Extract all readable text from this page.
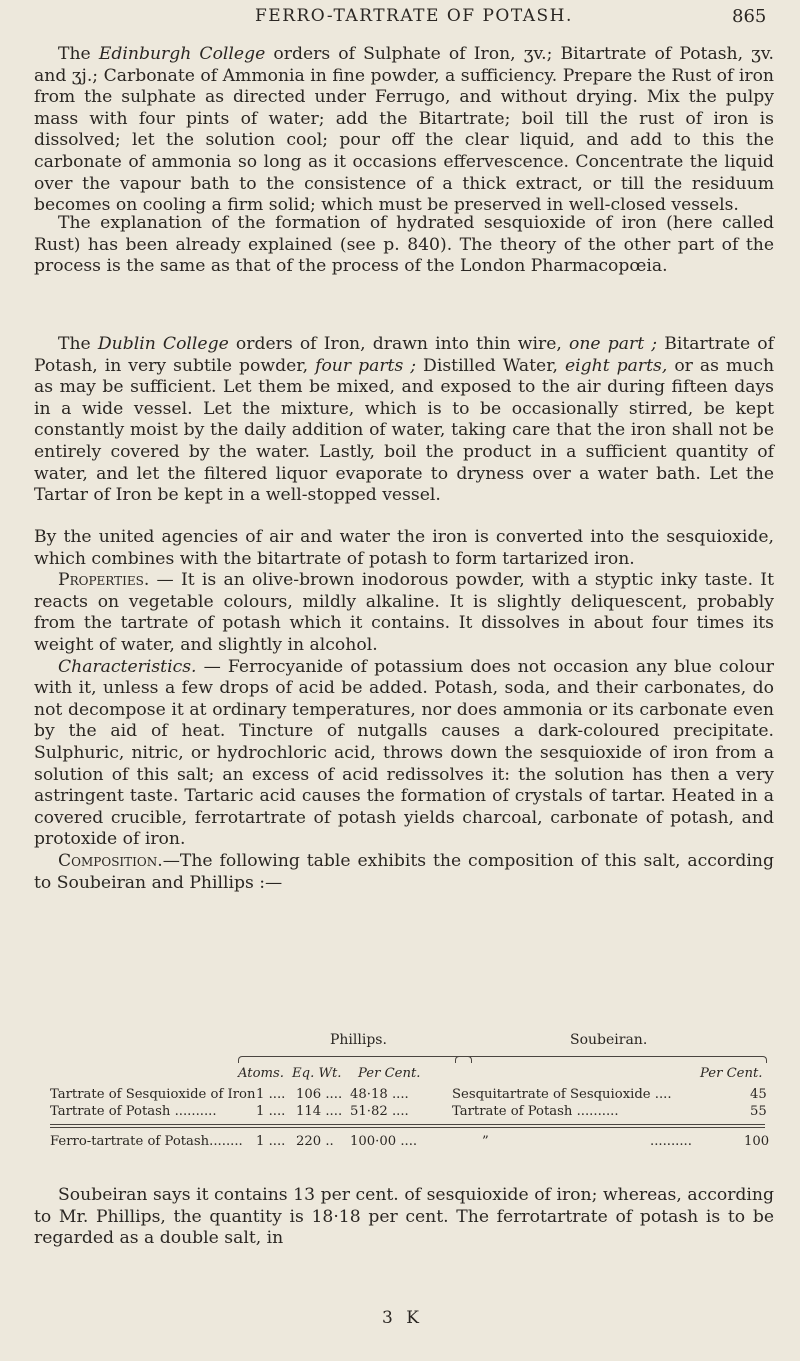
FERRO-TARTRATE OF POTASH.	865

The Edinburgh College orders of Sulphate of Iron, ʒv.; Bitartrate of Potash, ʒv. and ʒj.; Carbonate of Ammonia in fine powder, a sufficiency. Prepare the Rust of iron from the sulphate as directed under Ferrugo, and without drying. Mix the pulpy mass with four pints of water; add the Bitartrate; boil till the rust of iron is dissolved; let the solution cool; pour off the clear liquid, and add to this the carbonate of ammonia so long as it occasions effervescence. Concentrate the liquid over the vapour bath to the consistence of a thick extract, or till the residuum becomes on cooling a firm solid; which must be preserved in well-closed vessels.

The explanation of the formation of hydrated sesquioxide of iron (here called Rust) has been already explained (see p. 840). The theory of the other part of the process is the same as that of the process of the London Pharmacopœia.

The Dublin College orders of Iron, drawn into thin wire, one part ; Bitartrate of Potash, in very subtile powder, four parts ; Distilled Water, eight parts, or as much as may be sufficient. Let them be mixed, and exposed to the air during fifteen days in a wide vessel. Let the mixture, which is to be occasionally stirred, be kept constantly moist by the daily addition of water, taking care that the iron shall not be entirely covered by the water. Lastly, boil the product in a sufficient quantity of water, and let the filtered liquor evaporate to dryness over a water bath. Let the Tartar of Iron be kept in a well-stopped vessel.

By the united agencies of air and water the iron is converted into the sesquioxide, which combines with the bitartrate of potash to form tartarized iron.
Properties. — It is an olive-brown inodorous powder, with a styptic inky taste. It reacts on vegetable colours, mildly alkaline. It is slightly deliquescent, probably from the tartrate of potash which it contains. It dissolves in about four times its weight of water, and slightly in alcohol.
Characteristics. — Ferrocyanide of potassium does not occasion any blue colour with it, unless a few drops of acid be added. Potash, soda, and their carbonates, do not decompose it at ordinary temperatures, nor does ammonia or its carbonate even by the aid of heat. Tincture of nutgalls causes a dark-coloured precipitate. Sulphuric, nitric, or hydrochloric acid, throws down the sesquioxide of iron from a solution of this salt; an excess of acid redissolves it: the solution has then a very astringent taste. Tartaric acid causes the formation of crystals of tartar. Heated in a covered crucible, ferrotartrate of potash yields charcoal, carbonate of potash, and protoxide of iron.
Composition.—The following table exhibits the composition of this salt, according to Soubeiran and Phillips :—
Phillips.	Soubeiran.
Atoms. Eq. Wt. Per Cent.	Per Cent.
Tartrate of Sesquioxide of Iron 1 .... 106 .... 48·18 ....	Sesquitartrate of Sesquioxide ....	45
Tartrate of Potash ..........	1 .... 114 .... 51·82 ....	Tartrate of Potash ..........	55
Ferro-tartrate of Potash........ 1 .... 220 .. 100·00 ....	”	..........	100

Soubeiran says it contains 13 per cent. of sesquioxide of iron; whereas, according to Mr. Phillips, the quantity is 18·18 per cent. The ferrotartrate of potash is to be regarded as a double salt, in

3 K
